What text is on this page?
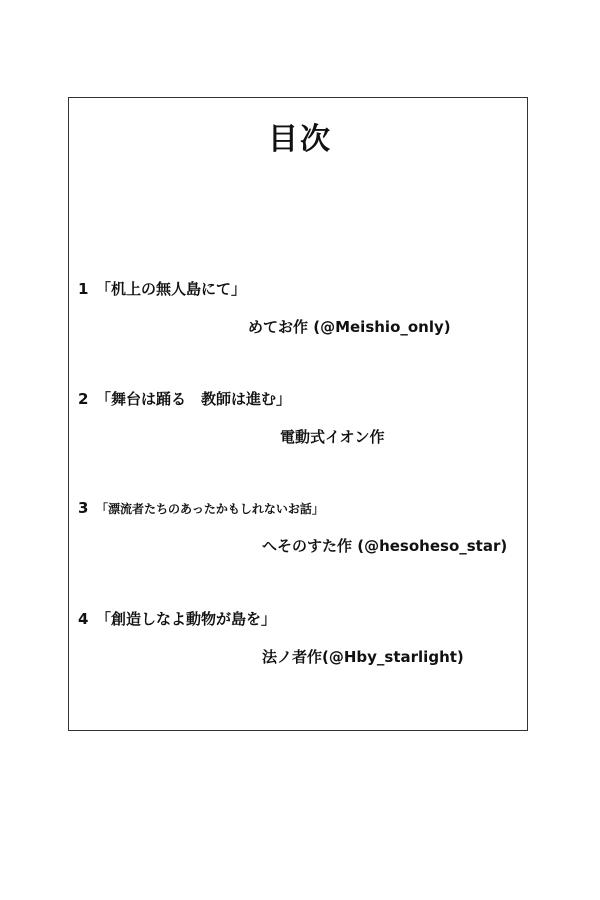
目次
1 「机上の無人島にて」
めてお作 (@Meishio_only)
2 「舞台は踊る　教師は進む」
電動式イオン作
3 「漂流者たちのあったかもしれないお話」
へそのすた作 (@hesoheso_star)
4 「創造しなよ動物が島を」
法ノ者作(@Hby_starlight)
